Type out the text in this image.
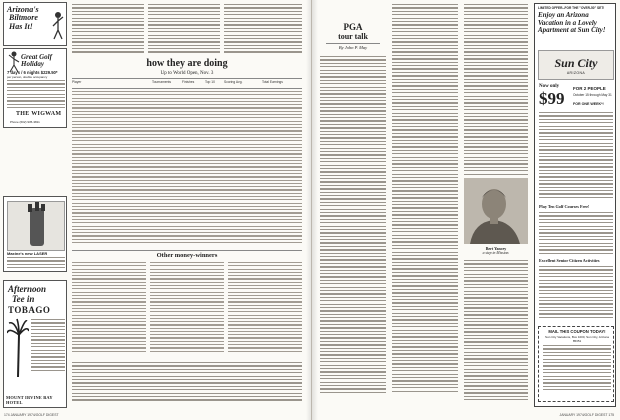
Arizona's
Biltmore
Has It!
Great Golf Holiday
7 days / 6 nights $229.50*
per person, double occupancy
THE WIGWAM
Phone (602) 935-3811
Maxine's new LASER
Afternoon
Tee in
TOBAGO
MOUNT IRVINE BAY HOTEL
how they are doing
Up to World Open, Nov. 3
Player	Tournaments	Finishes	Top 10	Scoring Avg.	Total Earnings
Other money-winners
174 JANUARY 1974/GOLF DIGEST
PGA
tour talk
By John P. May
Bert Yancey
a step in Mission.
LIMITED OFFER--FOR THE "OVER-50" SET!
Enjoy an Arizona Vacation in a Lovely Apartment at Sun City!
Sun City
ARIZONA
Now only
$99
FOR 2 PEOPLE
October 15 through May 31
FOR ONE WEEK*!
Play Ten Golf Courses Free!
Excellent Senior Citizen Activities
MAIL THIS COUPON TODAY!
Sun City Vacations, Box 1000, Sun City, Arizona 85351
JANUARY 1974/GOLF DIGEST 175
